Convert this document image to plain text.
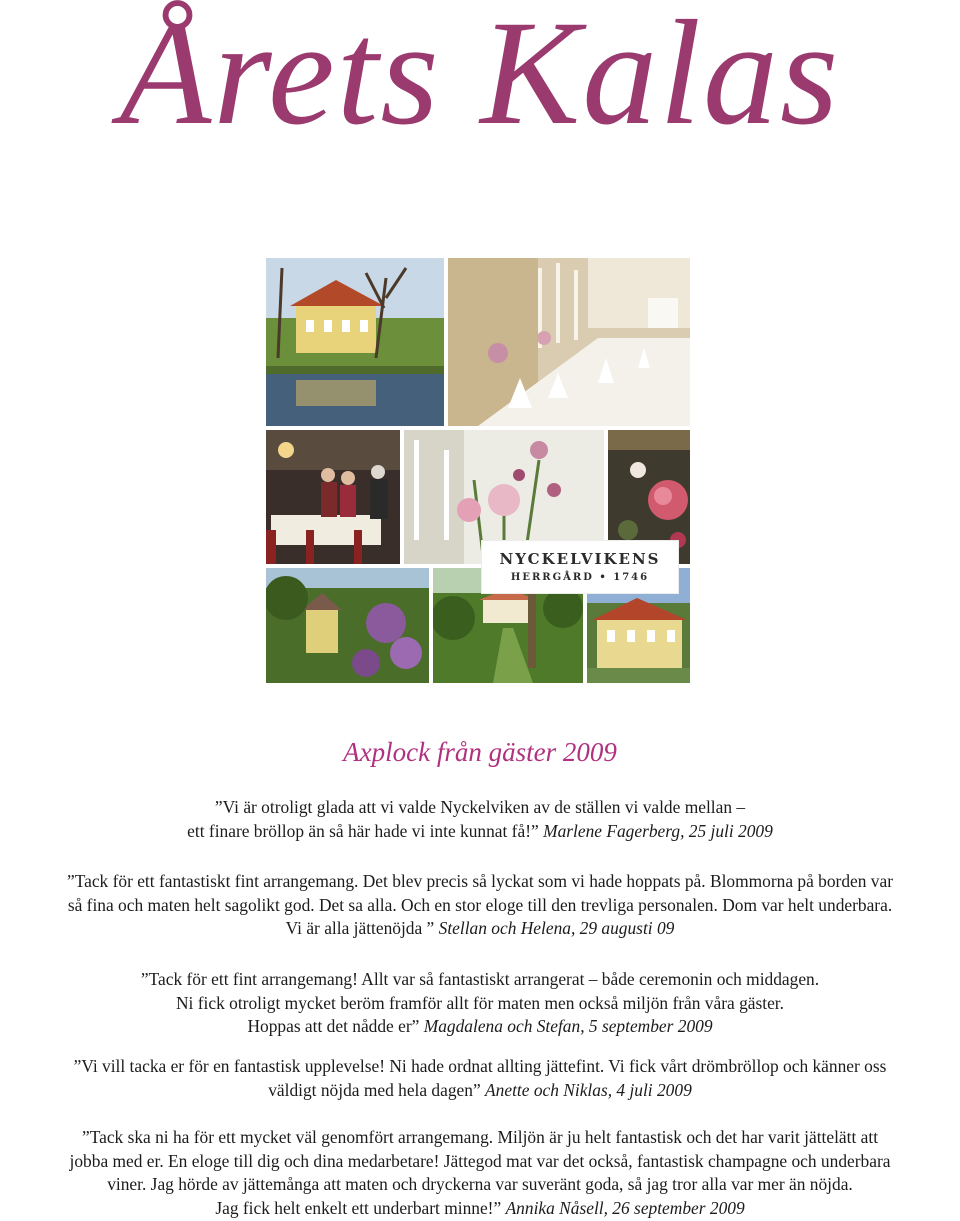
Årets Kalas
NYCKELVIKENS
HERRGÅRD • 1746
Axplock från gäster 2009

”Vi är otroligt glada att vi valde Nyckelviken av de ställen vi valde mellan –
ett finare bröllop än så här hade vi inte kunnat få!” Marlene Fagerberg, 25 juli 2009

”Tack för ett fantastiskt fint arrangemang. Det blev precis så lyckat som vi hade hoppats på. Blommorna på borden var
så fina och maten helt sagolikt god. Det sa alla. Och en stor eloge till den trevliga personalen. Dom var helt underbara.
Vi är alla jättenöjda ” Stellan och Helena, 29 augusti 09

”Tack för ett fint arrangemang! Allt var så fantastiskt arrangerat – både ceremonin och middagen.
Ni fick otroligt mycket beröm framför allt för maten men också miljön från våra gäster.
Hoppas att det nådde er” Magdalena och Stefan, 5 september 2009

”Vi vill tacka er för en fantastisk upplevelse! Ni hade ordnat allting jättefint. Vi fick vårt drömbröllop och känner oss
väldigt nöjda med hela dagen” Anette och Niklas, 4 juli 2009

”Tack ska ni ha för ett mycket väl genomfört arrangemang. Miljön är ju helt fantastisk och det har varit jättelätt att
jobba med er. En eloge till dig och dina medarbetare! Jättegod mat var det också, fantastisk champagne och underbara
viner. Jag hörde av jättemånga att maten och dryckerna var suveränt goda, så jag tror alla var mer än nöjda.
Jag fick helt enkelt ett underbart minne!” Annika Nåsell, 26 september 2009
